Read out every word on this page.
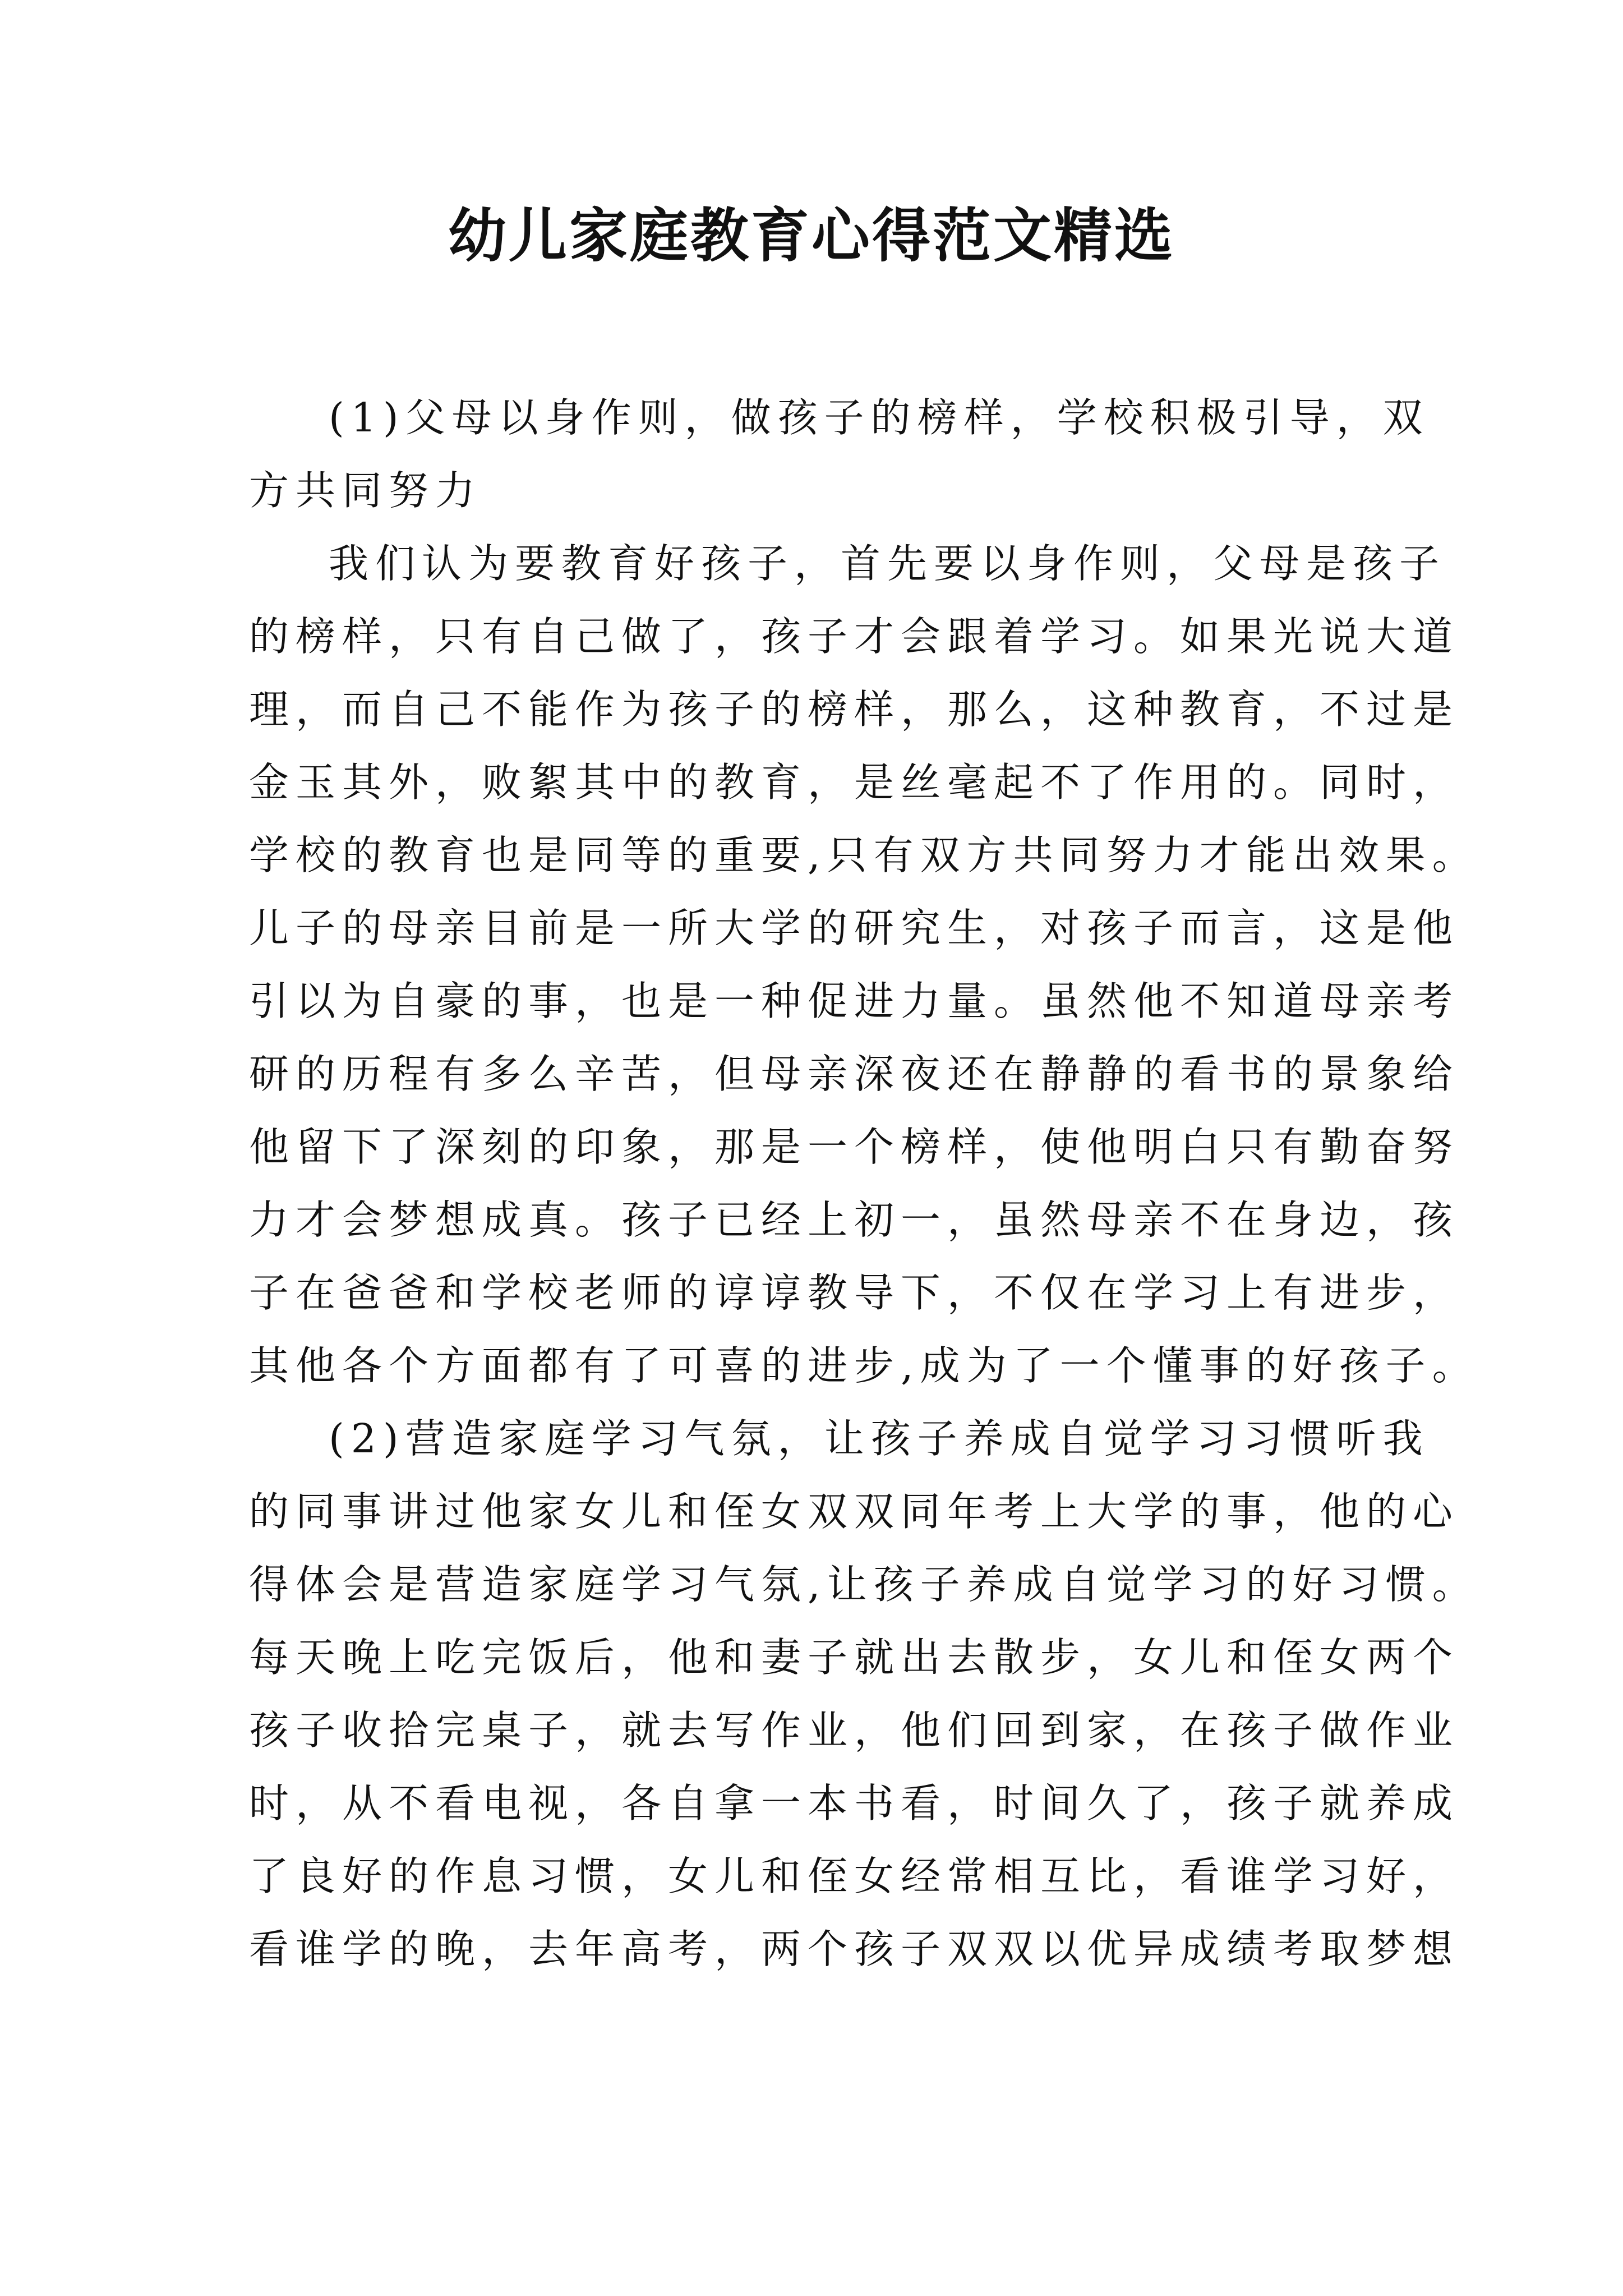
幼儿家庭教育心得范文精选

(1)父母以身作则，做孩子的榜样，学校积极引导，双
方共同努力

我们认为要教育好孩子，首先要以身作则，父母是孩子
的榜样，只有自己做了，孩子才会跟着学习。如果光说大道
理，而自己不能作为孩子的榜样，那么，这种教育，不过是
金玉其外，败絮其中的教育，是丝毫起不了作用的。同时，
学校的教育也是同等的重要,只有双方共同努力才能出效果。
儿子的母亲目前是一所大学的研究生，对孩子而言，这是他
引以为自豪的事，也是一种促进力量。虽然他不知道母亲考
研的历程有多么辛苦，但母亲深夜还在静静的看书的景象给
他留下了深刻的印象，那是一个榜样，使他明白只有勤奋努
力才会梦想成真。孩子已经上初一，虽然母亲不在身边，孩
子在爸爸和学校老师的谆谆教导下，不仅在学习上有进步，
其他各个方面都有了可喜的进步,成为了一个懂事的好孩子。

(2)营造家庭学习气氛，让孩子养成自觉学习习惯听我
的同事讲过他家女儿和侄女双双同年考上大学的事，他的心
得体会是营造家庭学习气氛,让孩子养成自觉学习的好习惯。
每天晚上吃完饭后，他和妻子就出去散步，女儿和侄女两个
孩子收拾完桌子，就去写作业，他们回到家，在孩子做作业
时，从不看电视，各自拿一本书看，时间久了，孩子就养成
了良好的作息习惯，女儿和侄女经常相互比，看谁学习好，
看谁学的晚，去年高考，两个孩子双双以优异成绩考取梦想
